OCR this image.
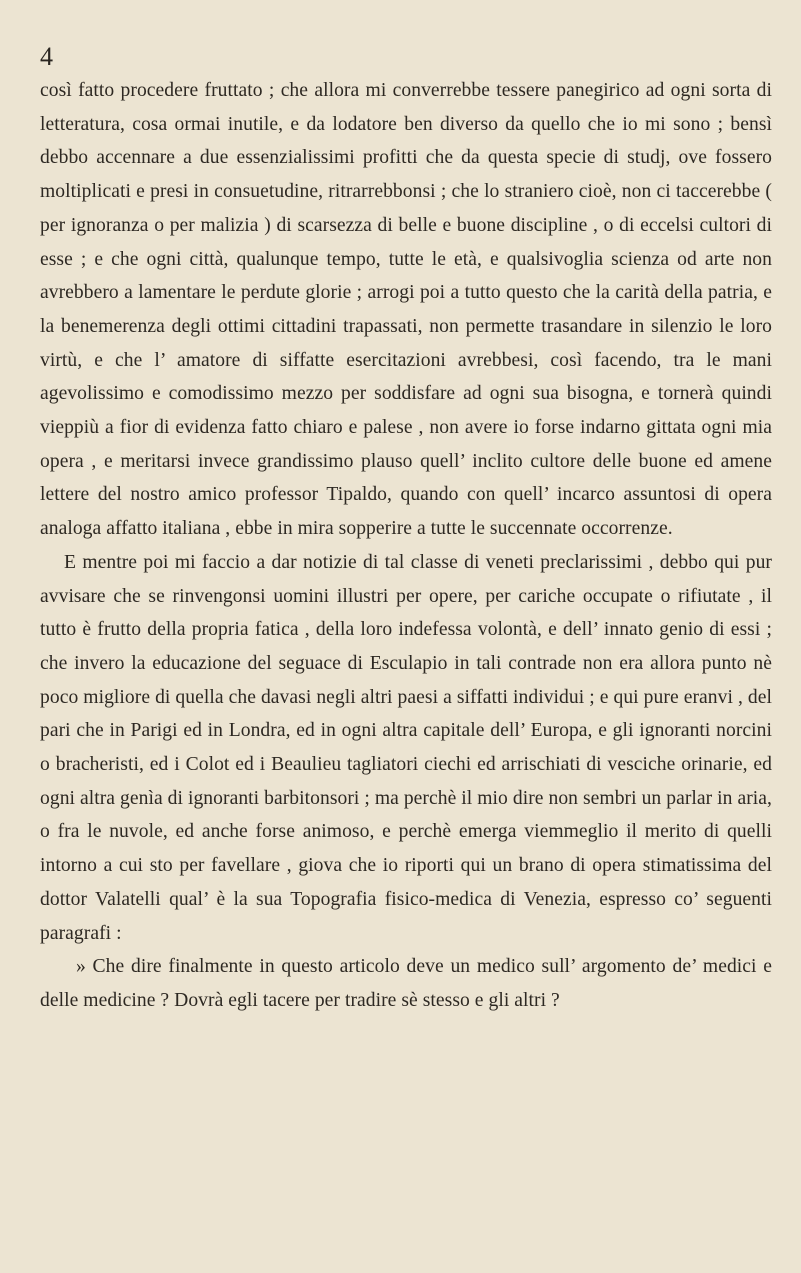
4

così fatto procedere fruttato ; che allora mi converrebbe tessere panegirico ad ogni sorta di letteratura, cosa ormai inutile, e da lodatore ben diverso da quello che io mi sono ; bensì debbo accennare a due essenzialissimi profitti che da questa specie di studj, ove fossero moltiplicati e presi in consuetudine, ritrarrebbonsi ; che lo straniero cioè, non ci taccerebbe ( per ignoranza o per malizia ) di scarsezza di belle e buone discipline , o di eccelsi cultori di esse ; e che ogni città, qualunque tempo, tutte le età, e qualsivoglia scienza od arte non avrebbero a lamentare le perdute glorie ; arrogi poi a tutto questo che la carità della patria, e la benemerenza degli ottimi cittadini trapassati, non permette trasandare in silenzio le loro virtù, e che l’ amatore di siffatte esercitazioni avrebbesi, così facendo, tra le mani agevolissimo e comodissimo mezzo per soddisfare ad ogni sua bisogna, e tornerà quindi vieppiù a fior di evidenza fatto chiaro e palese , non avere io forse indarno gittata ogni mia opera , e meritarsi invece grandissimo plauso quell’ inclito cultore delle buone ed amene lettere del nostro amico professor Tipaldo, quando con quell’ incarco assuntosi di opera analoga affatto italiana , ebbe in mira sopperire a tutte le succennate occorrenze.

E mentre poi mi faccio a dar notizie di tal classe di veneti preclarissimi , debbo qui pur avvisare che se rinvengonsi uomini illustri per opere, per cariche occupate o rifiutate , il tutto è frutto della propria fatica , della loro indefessa volontà, e dell’ innato genio di essi ; che invero la educazione del seguace di Esculapio in tali contrade non era allora punto nè poco migliore di quella che davasi negli altri paesi a siffatti individui ; e qui pure eranvi , del pari che in Parigi ed in Londra, ed in ogni altra capitale dell’ Europa, e gli ignoranti norcini o bracheristi, ed i Colot ed i Beaulieu tagliatori ciechi ed arrischiati di vesciche orinarie, ed ogni altra genìa di ignoranti barbitonsori ; ma perchè il mio dire non sembri un parlar in aria, o fra le nuvole, ed anche forse animoso, e perchè emerga viemmeglio il merito di quelli intorno a cui sto per favellare , giova che io riporti qui un brano di opera stimatissima del dottor Valatelli qual’ è la sua Topografia fisico-medica di Venezia, espresso co’ seguenti paragrafi :

» Che dire finalmente in questo articolo deve un medico sull’ argomento de’ medici e delle medicine ? Dovrà egli tacere per tradire sè stesso e gli altri ?
